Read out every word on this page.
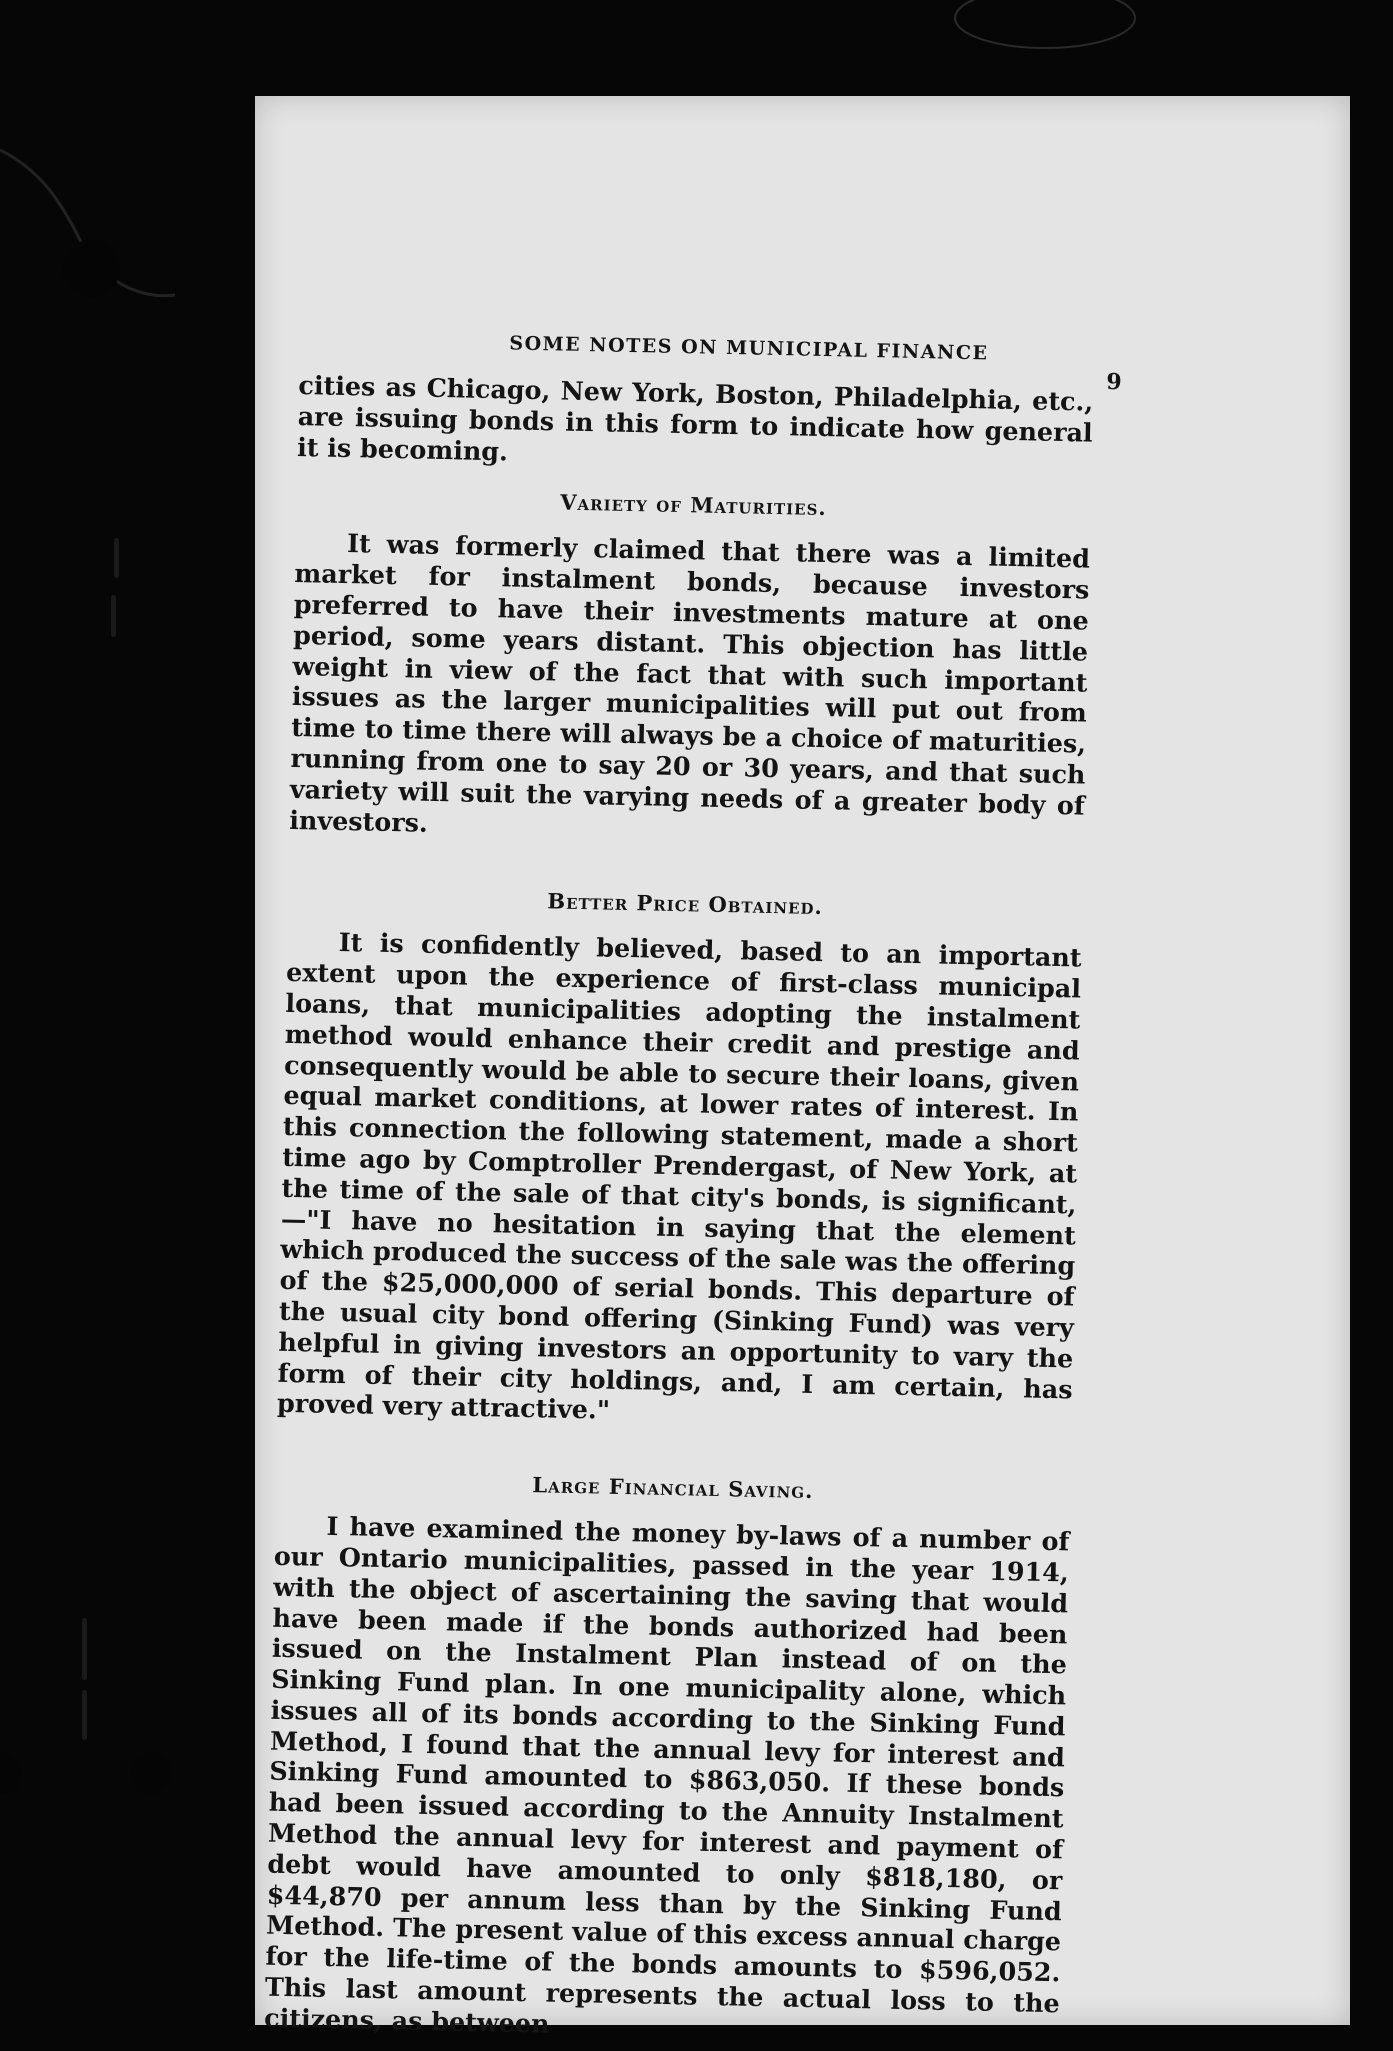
SOME NOTES ON MUNICIPAL FINANCE
9

cities as Chicago, New York, Boston, Philadelphia, etc., are issuing bonds in this form to indicate how general it is becoming.

Variety of Maturities.

It was formerly claimed that there was a limited market for instalment bonds, because investors preferred to have their investments mature at one period, some years distant. This objection has little weight in view of the fact that with such important issues as the larger municipalities will put out from time to time there will always be a choice of maturities, running from one to say 20 or 30 years, and that such variety will suit the varying needs of a greater body of investors.

Better Price Obtained.

It is confidently believed, based to an important extent upon the experience of first-class municipal loans, that municipalities adopting the instalment method would enhance their credit and prestige and consequently would be able to secure their loans, given equal market conditions, at lower rates of interest. In this connection the following statement, made a short time ago by Comptroller Prendergast, of New York, at the time of the sale of that city's bonds, is significant,—"I have no hesitation in saying that the element which produced the success of the sale was the offering of the $25,000,000 of serial bonds. This departure of the usual city bond offering (Sinking Fund) was very helpful in giving investors an opportunity to vary the form of their city holdings, and, I am certain, has proved very attractive."

Large Financial Saving.

I have examined the money by-laws of a number of our Ontario municipalities, passed in the year 1914, with the object of ascertaining the saving that would have been made if the bonds authorized had been issued on the Instalment Plan instead of on the Sinking Fund plan. In one municipality alone, which issues all of its bonds according to the Sinking Fund Method, I found that the annual levy for interest and Sinking Fund amounted to $863,050. If these bonds had been issued according to the Annuity Instalment Method the annual levy for interest and payment of debt would have amounted to only $818,180, or $44,870 per annum less than by the Sinking Fund Method. The present value of this excess annual charge for the life-time of the bonds amounts to $596,052. This last amount represents the actual loss to the citizens, as between
